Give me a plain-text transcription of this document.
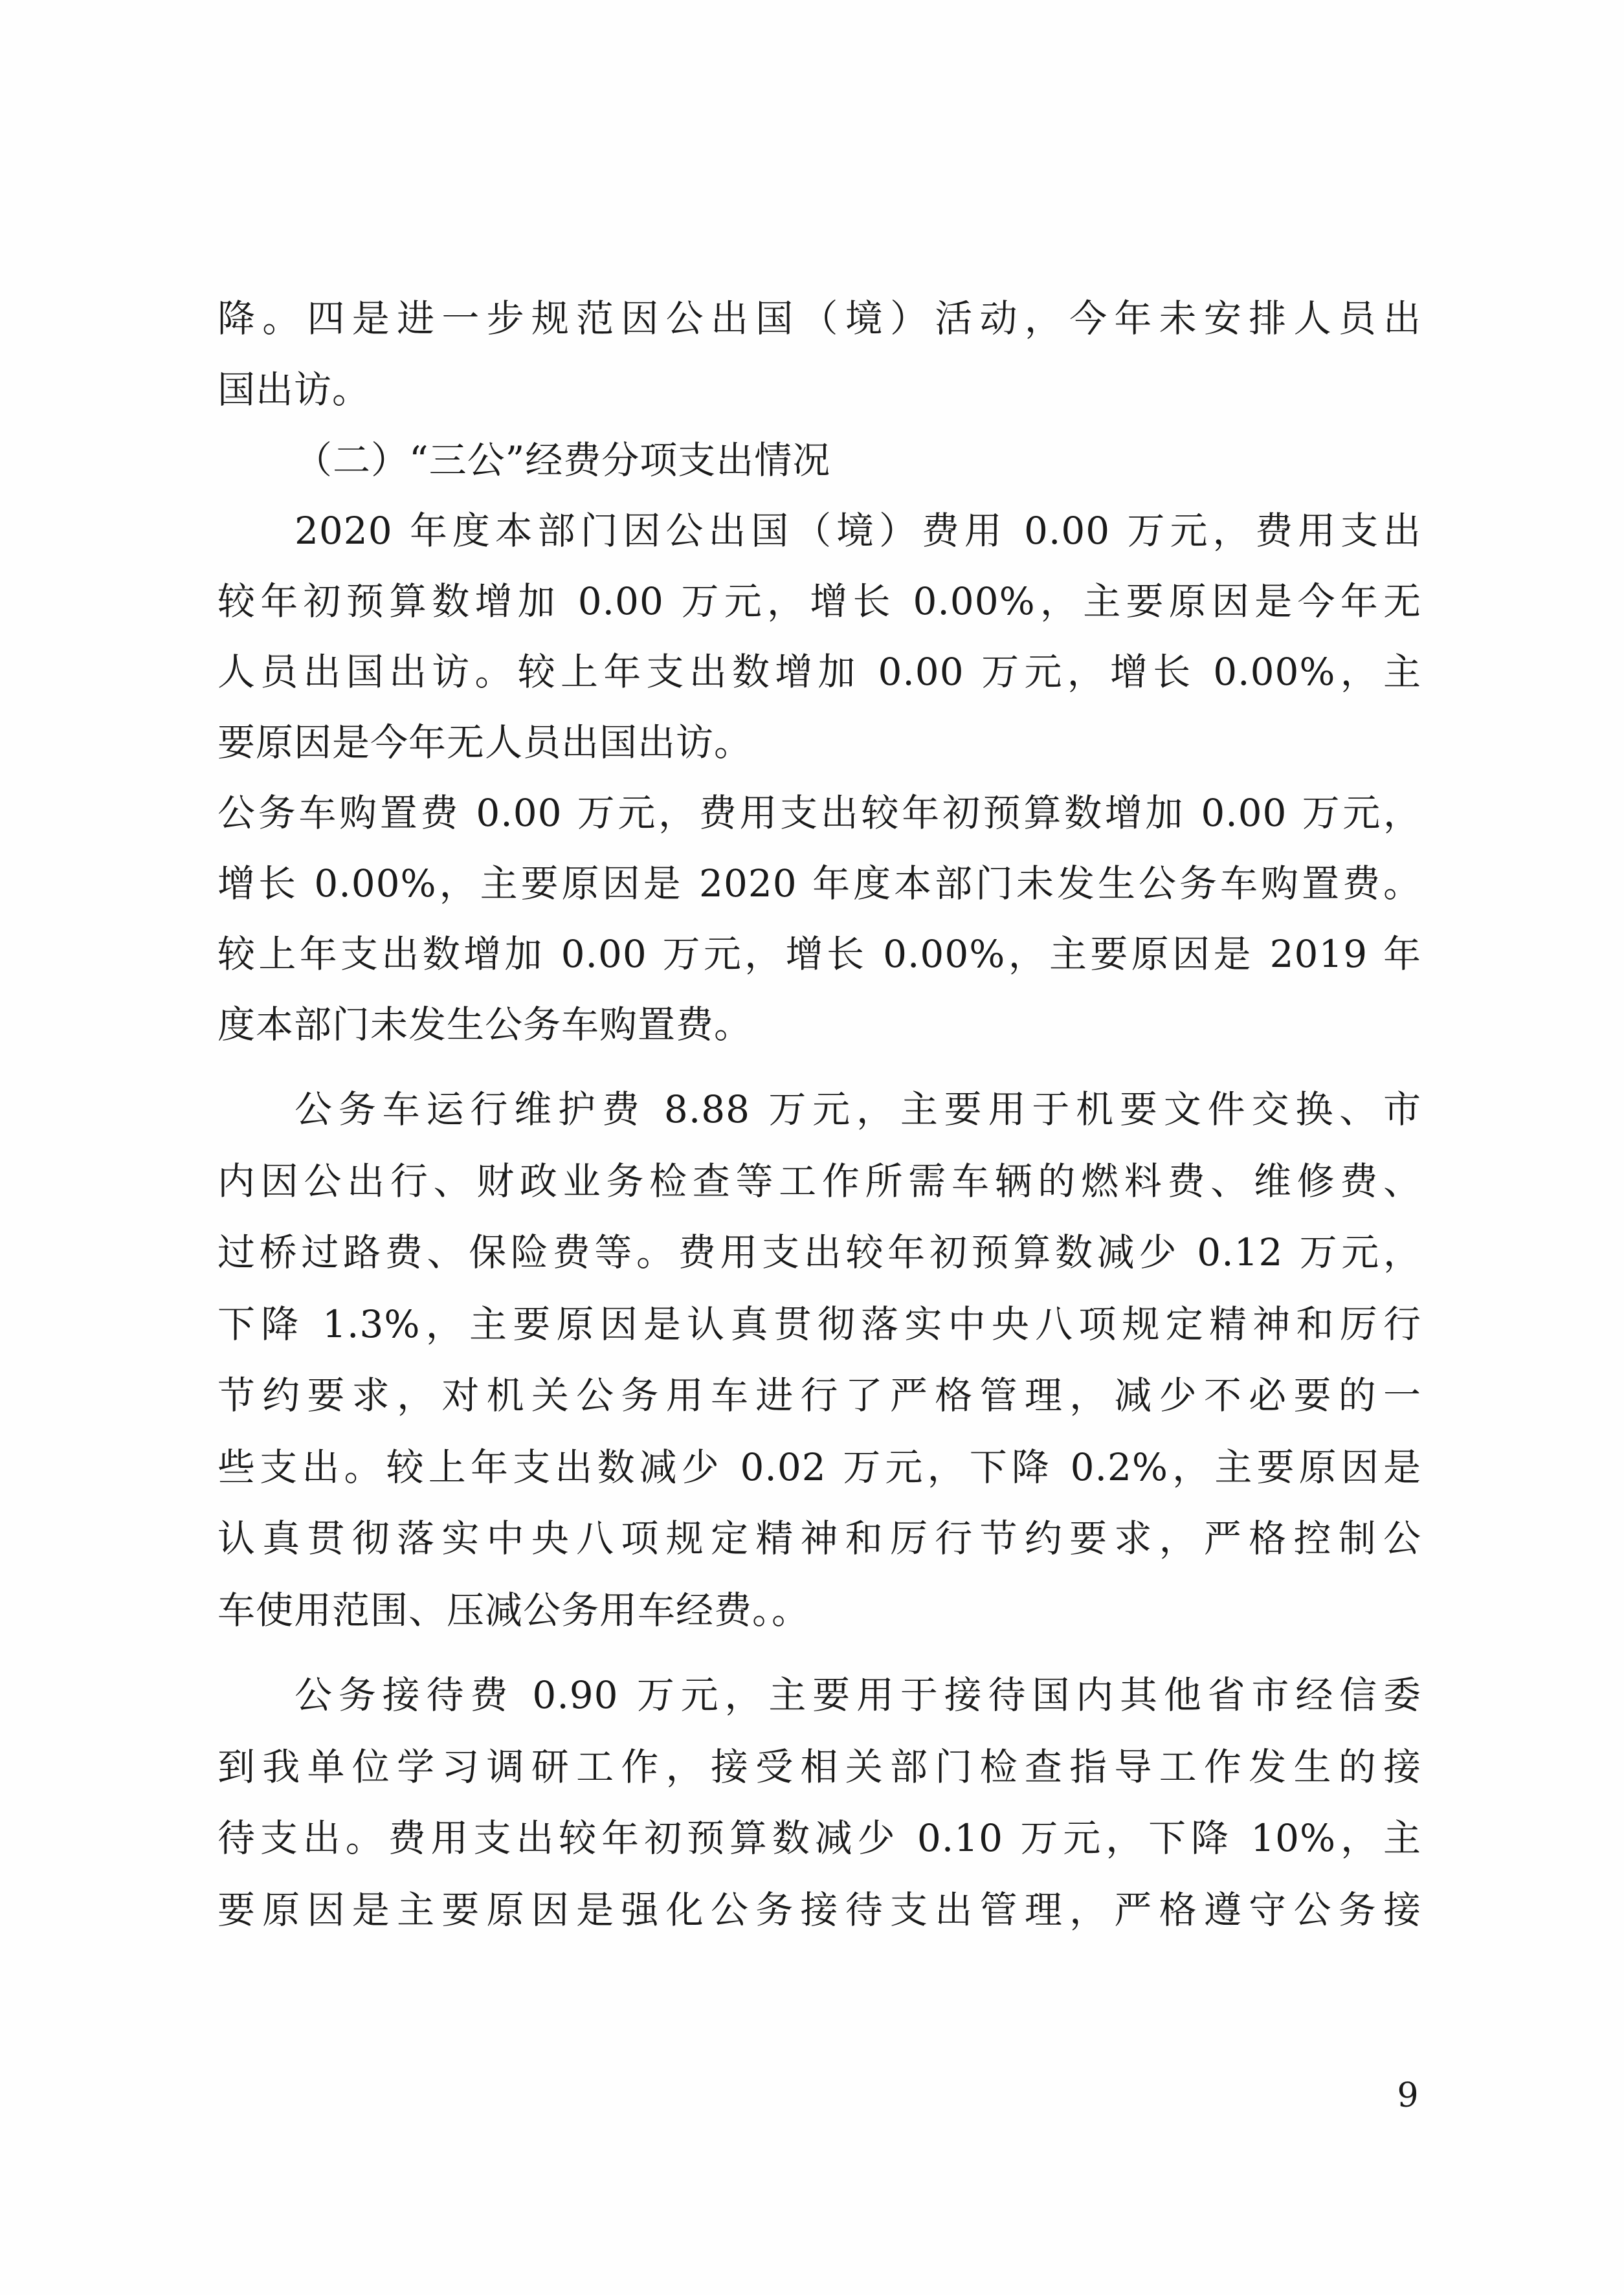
降。四是进一步规范因公出国（境）活动，今年未安排人员出
国出访。
（二）“三公”经费分项支出情况
2020 年度本部门因公出国（境）费用 0.00 万元，费用支出
较年初预算数增加 0.00 万元，增长 0.00%，主要原因是今年无
人员出国出访。较上年支出数增加 0.00 万元，增长 0.00%，主
要原因是今年无人员出国出访。
公务车购置费 0.00 万元，费用支出较年初预算数增加 0.00 万元，
增长 0.00%，主要原因是 2020 年度本部门未发生公务车购置费。
较上年支出数增加 0.00 万元，增长 0.00%，主要原因是 2019 年
度本部门未发生公务车购置费。
公务车运行维护费 8.88 万元，主要用于机要文件交换、市
内因公出行、财政业务检查等工作所需车辆的燃料费、维修费、
过桥过路费、保险费等。费用支出较年初预算数减少 0.12 万元，
下降 1.3%，主要原因是认真贯彻落实中央八项规定精神和厉行
节约要求，对机关公务用车进行了严格管理，减少不必要的一
些支出。较上年支出数减少 0.02 万元，下降 0.2%，主要原因是
认真贯彻落实中央八项规定精神和厉行节约要求，严格控制公
车使用范围、压减公务用车经费。。
公务接待费 0.90 万元，主要用于接待国内其他省市经信委
到我单位学习调研工作，接受相关部门检查指导工作发生的接
待支出。费用支出较年初预算数减少 0.10 万元，下降 10%，主
要原因是主要原因是强化公务接待支出管理，严格遵守公务接
9
